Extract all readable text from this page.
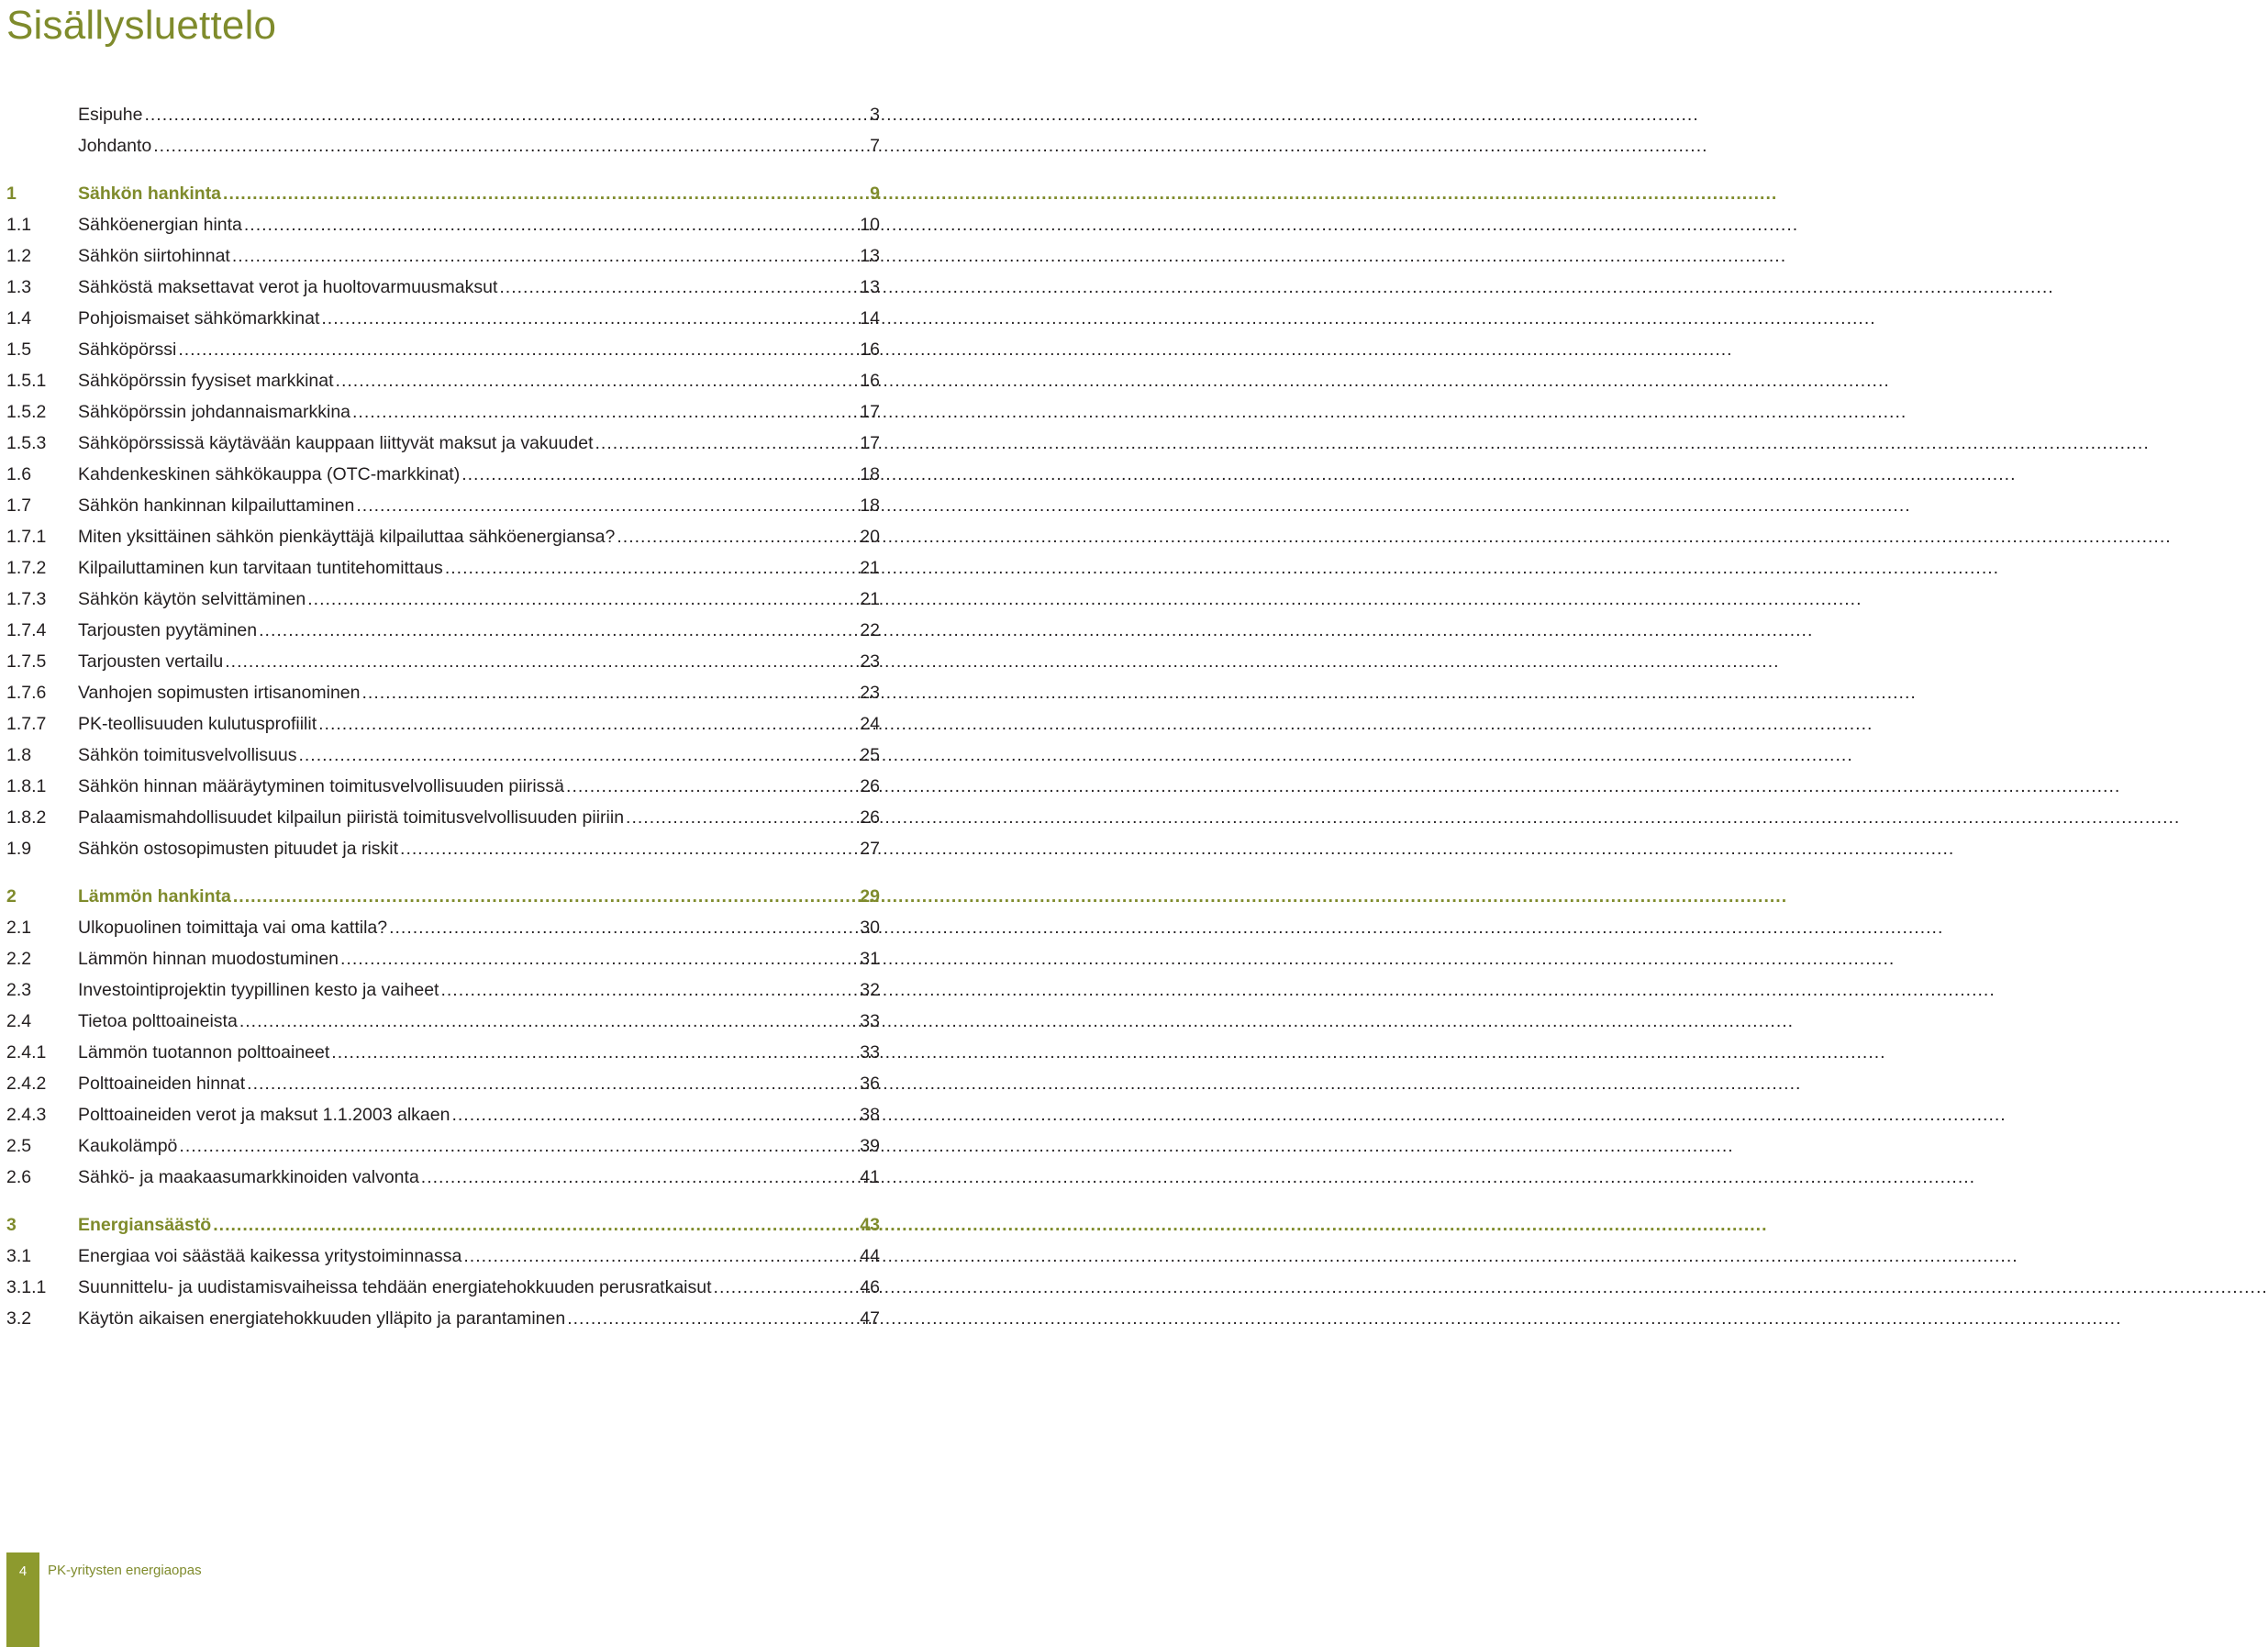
Sisällysluettelo
Esipuhe .....	3
Johdanto .....	7
1	Sähkön hankinta .....	9
1.1	Sähköenergian hinta .....	10
1.2	Sähkön siirtohinnat .....	13
1.3	Sähköstä maksettavat verot ja huoltovarmuusmaksut .....	13
1.4	Pohjoismaiset sähkömarkkinat .....	14
1.5	Sähköpörssi .....	16
1.5.1	Sähköpörssin fyysiset markkinat .....	16
1.5.2	Sähköpörssin johdannaismarkkina .....	17
1.5.3	Sähköpörssissä käytävään kauppaan liittyvät maksut ja vakuudet .....	17
1.6	Kahdenkeskinen sähkökauppa (OTC-markkinat) .....	18
1.7	Sähkön hankinnan kilpailuttaminen .....	18
1.7.1	Miten yksittäinen sähkön pienkäyttäjä kilpailuttaa sähköenergiansa? .....	20
1.7.2	Kilpailuttaminen kun tarvitaan tuntitehomittaus .....	21
1.7.3	Sähkön käytön selvittäminen .....	21
1.7.4	Tarjousten pyytäminen .....	22
1.7.5	Tarjousten vertailu .....	23
1.7.6	Vanhojen sopimusten irtisanominen .....	23
1.7.7	PK-teollisuuden kulutusprofiilit .....	24
1.8	Sähkön toimitusvelvollisuus .....	25
1.8.1	Sähkön hinnan määräytyminen toimitusvelvollisuuden piirissä .....	26
1.8.2	Palaamismahdollisuudet kilpailun piiristä toimitusvelvollisuuden piiriin .....	26
1.9	Sähkön ostosopimusten pituudet ja riskit .....	27
2	Lämmön hankinta .....	29
2.1	Ulkopuolinen toimittaja vai oma kattila? .....	30
2.2	Lämmön hinnan muodostuminen .....	31
2.3	Investointiprojektin tyypillinen kesto ja vaiheet .....	32
2.4	Tietoa polttoaineista .....	33
2.4.1	Lämmön tuotannon polttoaineet .....	33
2.4.2	Polttoaineiden hinnat .....	36
2.4.3	Polttoaineiden verot ja maksut 1.1.2003 alkaen .....	38
2.5	Kaukolämpö .....	39
2.6	Sähkö- ja maakaasumarkkinoiden valvonta .....	41
3	Energiansäästö .....	43
3.1	Energiaa voi säästää kaikessa yritystoiminnassa .....	44
3.1.1	Suunnittelu- ja uudistamisvaiheissa tehdään energiatehokkuuden perusratkaisut .....	46
3.2	Käytön aikaisen energiatehokkuuden ylläpito ja parantaminen .....	47
4	PK-yritysten energiaopas
